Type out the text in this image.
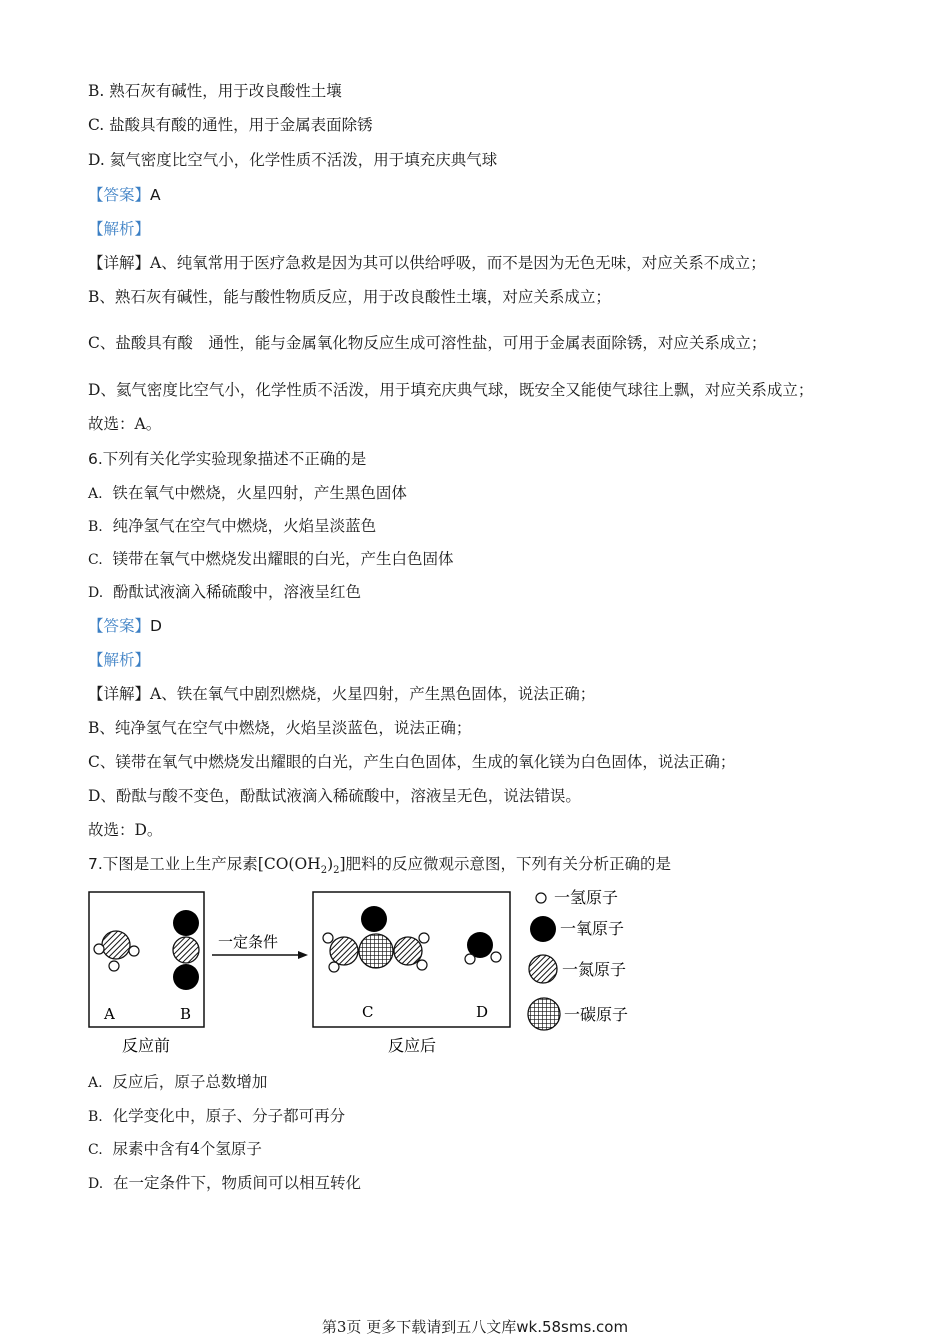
B. 熟石灰有碱性，用于改良酸性土壤
C. 盐酸具有酸的通性，用于金属表面除锈
D. 氦气密度比空气小，化学性质不活泼，用于填充庆典气球
【答案】A
【解析】
【详解】A、纯氧常用于医疗急救是因为其可以供给呼吸，而不是因为无色无味，对应关系不成立；
B、熟石灰有碱性，能与酸性物质反应，用于改良酸性土壤，对应关系成立；
C、盐酸具有酸　通性，能与金属氧化物反应生成可溶性盐，可用于金属表面除锈，对应关系成立；
D、氦气密度比空气小，化学性质不活泼，用于填充庆典气球，既安全又能使气球往上飘，对应关系成立；
故选：A。
6.下列有关化学实验现象描述不正确的是
A. 铁在氧气中燃烧，火星四射，产生黑色固体
B. 纯净氢气在空气中燃烧，火焰呈淡蓝色
C. 镁带在氧气中燃烧发出耀眼的白光，产生白色固体
D. 酚酞试液滴入稀硫酸中，溶液呈红色
【答案】D
【解析】
【详解】A、铁在氧气中剧烈燃烧，火星四射，产生黑色固体，说法正确；
B、纯净氢气在空气中燃烧，火焰呈淡蓝色，说法正确；
C、镁带在氧气中燃烧发出耀眼的白光，产生白色固体，生成的氧化镁为白色固体，说法正确；
D、酚酞与酸不变色，酚酞试液滴入稀硫酸中，溶液呈无色，说法错误。
故选：D。
7.下图是工业上生产尿素$[CO(OH_2)_2]$肥料的反应微观示意图，下列有关分析正确的是
A	B
反应前
一定条件
C	D
反应后
一氢原子
一氧原子
一氮原子
一碳原子
A. 反应后，原子总数增加
B. 化学变化中，原子、分子都可再分
C. 尿素中含有4个氢原子
D. 在一定条件下，物质间可以相互转化
第3页 更多下载请到五八文库wk.58sms.com
